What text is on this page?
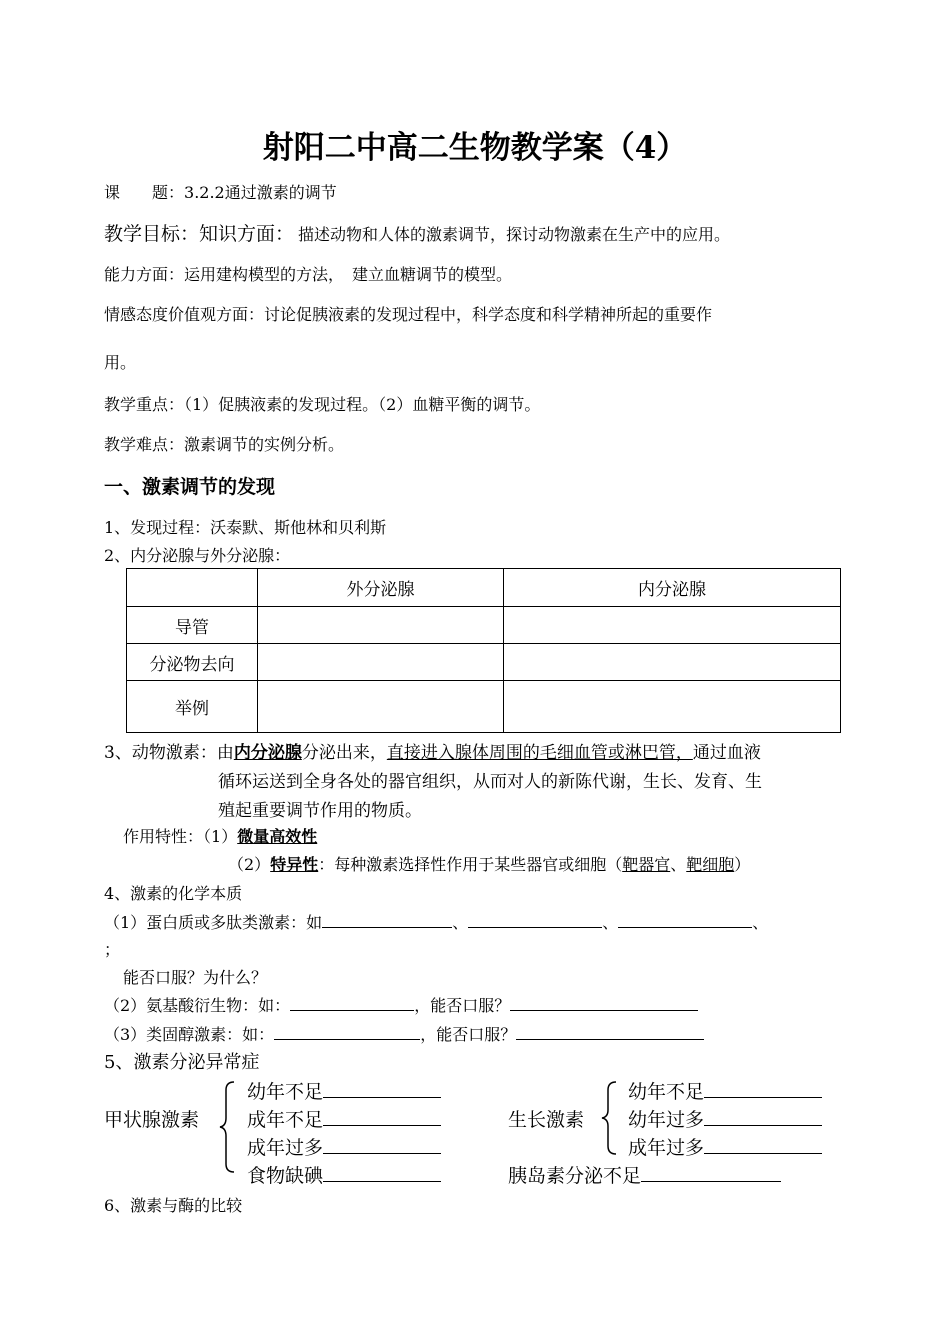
射阳二中高二生物教学案（4）
课　　题：3.2.2通过激素的调节
教学目标：知识方面： 描述动物和人体的激素调节，探讨动物激素在生产中的应用。
能力方面：运用建构模型的方法，　建立血糖调节的模型。
情感态度价值观方面：讨论促胰液素的发现过程中，科学态度和科学精神所起的重要作
用。
教学重点：（1）促胰液素的发现过程。（2）血糖平衡的调节。
教学难点：激素调节的实例分析。
一、激素调节的发现
1、发现过程：沃泰默、斯他林和贝利斯
2、内分泌腺与外分泌腺：
	外分泌腺	内分泌腺
导管		
分泌物去向		
举例		
3、动物激素：由内分泌腺分泌出来，直接进入腺体周围的毛细血管或淋巴管，通过血液
循环运送到全身各处的器官组织，从而对人的新陈代谢，生长、发育、生
殖起重要调节作用的物质。
作用特性：（1）微量高效性
（2）特异性：每种激素选择性作用于某些器官或细胞（靶器官、靶细胞）
4、激素的化学本质
（1）蛋白质或多肽类激素：如	、	、	、
；
能否口服？为什么？
（2）氨基酸衍生物：如：	，能否口服？
（3）类固醇激素：如：	，能否口服？
5、激素分泌异常症
甲状腺激素
幼年不足
成年不足
成年过多
食物缺碘
生长激素
幼年不足
幼年过多
成年过多
胰岛素分泌不足
6、激素与酶的比较
